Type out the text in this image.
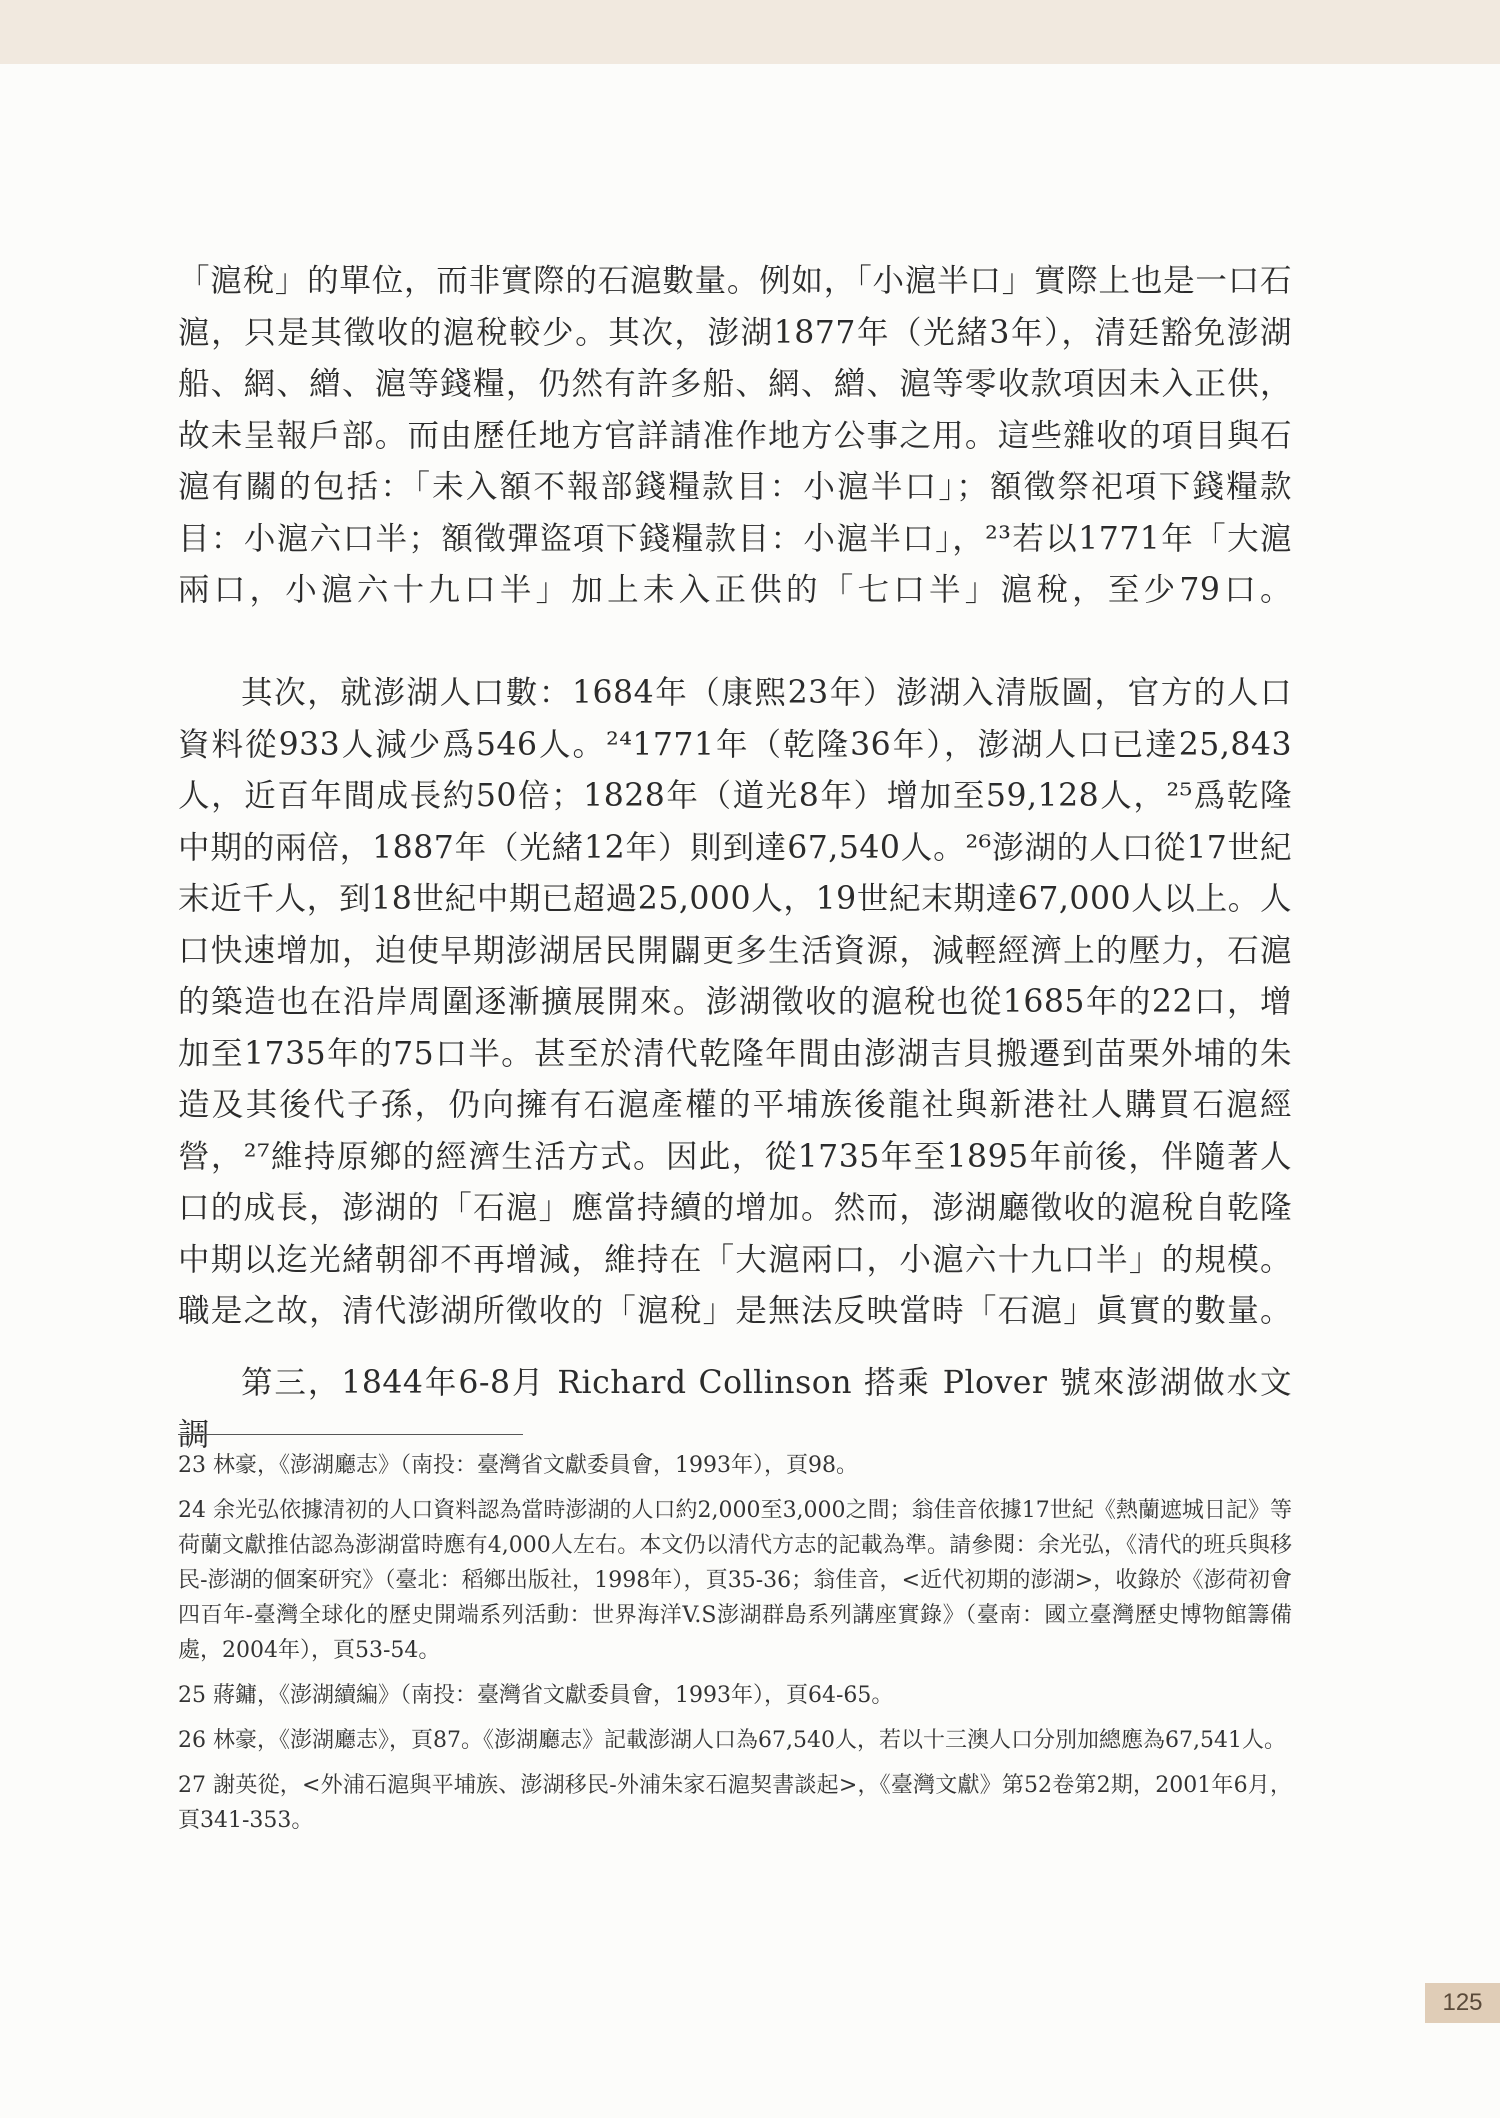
「滬稅」的單位，而非實際的石滬數量。例如，「小滬半口」實際上也是一口石滬，只是其徵收的滬稅較少。其次，澎湖1877年（光緒3年），清廷豁免澎湖船、網、繒、滬等錢糧，仍然有許多船、網、繒、滬等零收款項因未入正供，故未呈報戶部。而由歷任地方官詳請准作地方公事之用。這些雜收的項目與石滬有關的包括：「未入額不報部錢糧款目：小滬半口」；額徵祭祀項下錢糧款目：小滬六口半；額徵彈盜項下錢糧款目：小滬半口」，²³若以1771年「大滬兩口，小滬六十九口半」加上未入正供的「七口半」滬稅，至少79口。

其次，就澎湖人口數：1684年（康熙23年）澎湖入清版圖，官方的人口資料從933人減少爲546人。²⁴1771年（乾隆36年），澎湖人口已達25,843人，近百年間成長約50倍；1828年（道光8年）增加至59,128人，²⁵爲乾隆中期的兩倍，1887年（光緒12年）則到達67,540人。²⁶澎湖的人口從17世紀末近千人，到18世紀中期已超過25,000人，19世紀末期達67,000人以上。人口快速增加，迫使早期澎湖居民開闢更多生活資源，減輕經濟上的壓力，石滬的築造也在沿岸周圍逐漸擴展開來。澎湖徵收的滬稅也從1685年的22口，增加至1735年的75口半。甚至於清代乾隆年間由澎湖吉貝搬遷到苗栗外埔的朱造及其後代子孫，仍向擁有石滬產權的平埔族後龍社與新港社人購買石滬經營，²⁷維持原鄉的經濟生活方式。因此，從1735年至1895年前後，伴隨著人口的成長，澎湖的「石滬」應當持續的增加。然而，澎湖廳徵收的滬稅自乾隆中期以迄光緒朝卻不再增減，維持在「大滬兩口，小滬六十九口半」的規模。職是之故，清代澎湖所徵收的「滬稅」是無法反映當時「石滬」眞實的數量。

第三，1844年6-8月 Richard Collinson 搭乘 Plover 號來澎湖做水文調

23 林豪，《澎湖廳志》（南投：臺灣省文獻委員會，1993年），頁98。

24 余光弘依據清初的人口資料認為當時澎湖的人口約2,000至3,000之間；翁佳音依據17世紀《熱蘭遮城日記》等荷蘭文獻推估認為澎湖當時應有4,000人左右。本文仍以清代方志的記載為準。請參閱：余光弘，《清代的班兵與移民-澎湖的個案研究》（臺北：稻鄉出版社，1998年），頁35-36；翁佳音，<近代初期的澎湖>，收錄於《澎荷初會四百年-臺灣全球化的歷史開端系列活動：世界海洋V.S澎湖群島系列講座實錄》（臺南：國立臺灣歷史博物館籌備處，2004年），頁53-54。

25 蔣鏞，《澎湖續編》（南投：臺灣省文獻委員會，1993年），頁64-65。

26 林豪，《澎湖廳志》，頁87。《澎湖廳志》記載澎湖人口為67,540人，若以十三澳人口分別加總應為67,541人。

27 謝英從，<外浦石滬與平埔族、澎湖移民-外浦朱家石滬契書談起>，《臺灣文獻》第52卷第2期，2001年6月，頁341-353。

125
